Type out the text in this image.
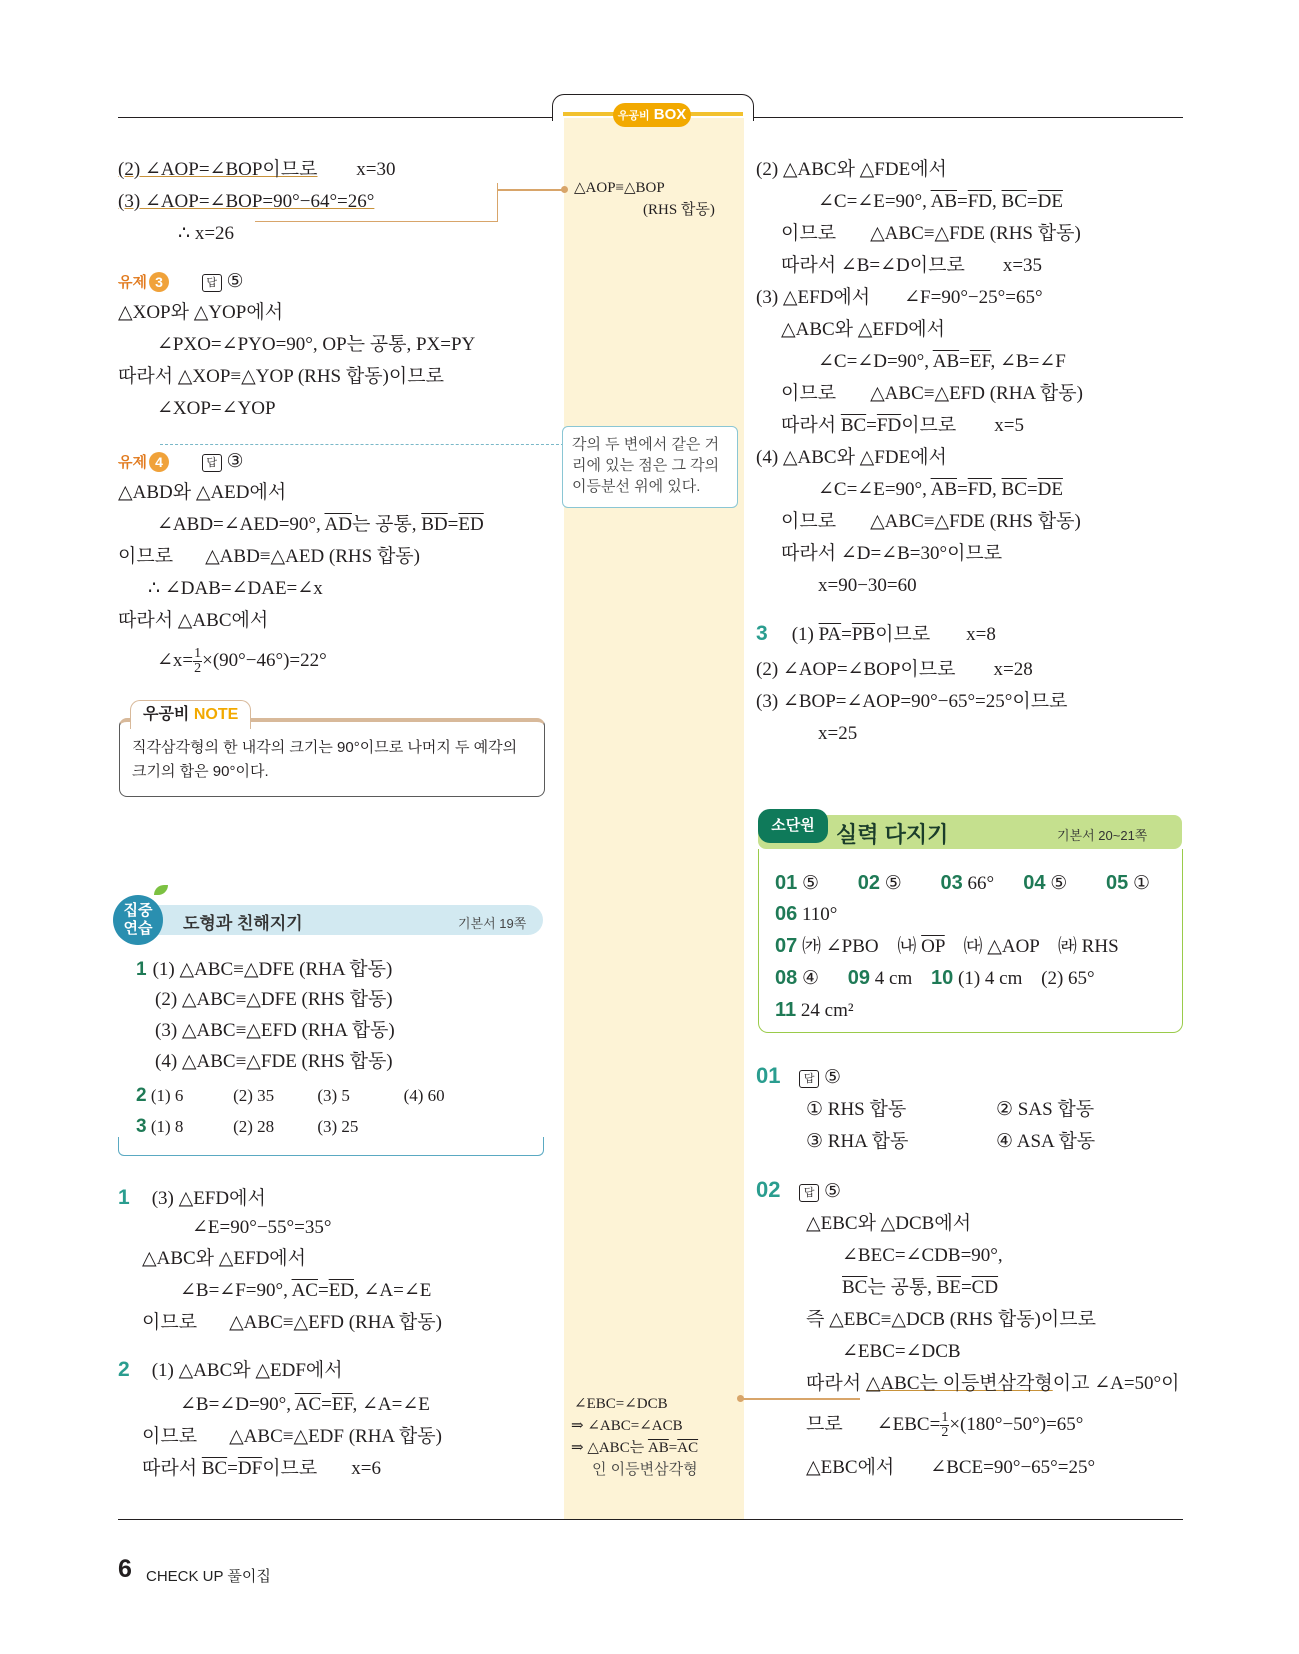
우공비 BOX
(2) ∠AOP=∠BOP이므로 x=30
(3) ∠AOP=∠BOP=90°−64°=26°
∴ x=26
유제 3	답 ⑤
△XOP와 △YOP에서
∠PXO=∠PYO=90°, OP는 공통, PX=PY
따라서 △XOP≡△YOP (RHS 합동)이므로
∠XOP=∠YOP
유제 4	답 ③
△ABD와 △AED에서
∠ABD=∠AED=90°, $\overline{AD}$는 공통, $\overline{BD}=\overline{ED}$
이므로 △ABD≡△AED (RHS 합동)
∴ ∠DAB=∠DAE=∠x
따라서 △ABC에서
∠x= $\frac{1}{2} \times(90^\circ-46^\circ)=22^\circ$
우공비 NOTE
직각삼각형의 한 내각의 크기는 90°이므로 나머지 두 예각의
크기의 합은 90°이다.
△AOP≡△BOP
(RHS 합동)
각의 두 변에서 같은 거
리에 있는 점은 그 각의
이등분선 위에 있다.
∠EBC=∠DCB
⇒ ∠ABC=∠ACB
⇒ △ABC는 $\overline{AB}=\overline{AC}$
인 이등변삼각형
집중연습 도형과 친해지기	기본서 19쪽
1 (1) △ABC≡△DFE (RHA 합동)
(2) △ABC≡△DFE (RHS 합동)
(3) △ABC≡△EFD (RHA 합동)
(4) △ABC≡△FDE (RHS 합동)
2 (1) 6	(2) 35	(3) 5	(4) 60
3 (1) 8	(2) 28	(3) 25
1 (3) △EFD에서
∠E=90°−55°=35°
△ABC와 △EFD에서
∠B=∠F=90°, $\overline{AC}=\overline{ED}$, ∠A=∠E
이므로 △ABC≡△EFD (RHA 합동)
2 (1) △ABC와 △EDF에서
∠B=∠D=90°, $\overline{AC}=\overline{EF}$, ∠A=∠E
이므로 △ABC≡△EDF (RHA 합동)
따라서 $\overline{BC}=\overline{DF}$이므로 x=6
(2) △ABC와 △FDE에서
∠C=∠E=90°, $\overline{AB}=\overline{FD}$, $\overline{BC}=\overline{DE}$
이므로 △ABC≡△FDE (RHS 합동)
따라서 ∠B=∠D이므로 x=35
(3) △EFD에서 ∠F=90°−25°=65°
△ABC와 △EFD에서
∠C=∠D=90°, $\overline{AB}=\overline{EF}$, ∠B=∠F
이므로 △ABC≡△EFD (RHA 합동)
따라서 $\overline{BC}=\overline{FD}$이므로 x=5
(4) △ABC와 △FDE에서
∠C=∠E=90°, $\overline{AB}=\overline{FD}$, $\overline{BC}=\overline{DE}$
이므로 △ABC≡△FDE (RHS 합동)
따라서 ∠D=∠B=30°이므로
x=90−30=60
3 (1) $\overline{PA}=\overline{PB}$이므로 x=8
(2) ∠AOP=∠BOP이므로 x=28
(3) ∠BOP=∠AOP=90°−65°=25°이므로
x=25
소단원 실력 다지기	기본서 20~21쪽
01 ⑤ 02 ⑤ 03 66° 04 ⑤ 05 ①
06 110°
07 ㈎ ∠PBO ㈏ $\overline{OP}$ ㈐ △AOP ㈑ RHS
08 ④ 09 4 cm 10 (1) 4 cm (2) 65°
11 24 cm²
01 답 ⑤
① RHS 합동	② SAS 합동
③ RHA 합동	④ ASA 합동
02 답 ⑤
△EBC와 △DCB에서
∠BEC=∠CDB=90°,
$\overline{BC}$는 공통, $\overline{BE}=\overline{CD}$
즉 △EBC≡△DCB (RHS 합동)이므로
∠EBC=∠DCB
따라서 △ABC는 이등변삼각형이고 ∠A=50°이
므로 ∠EBC= $\frac{1}{2} \times(180^\circ-50^\circ)=65^\circ$
△EBC에서 ∠BCE=90°−65°=25°
6 CHECK UP 풀이집
